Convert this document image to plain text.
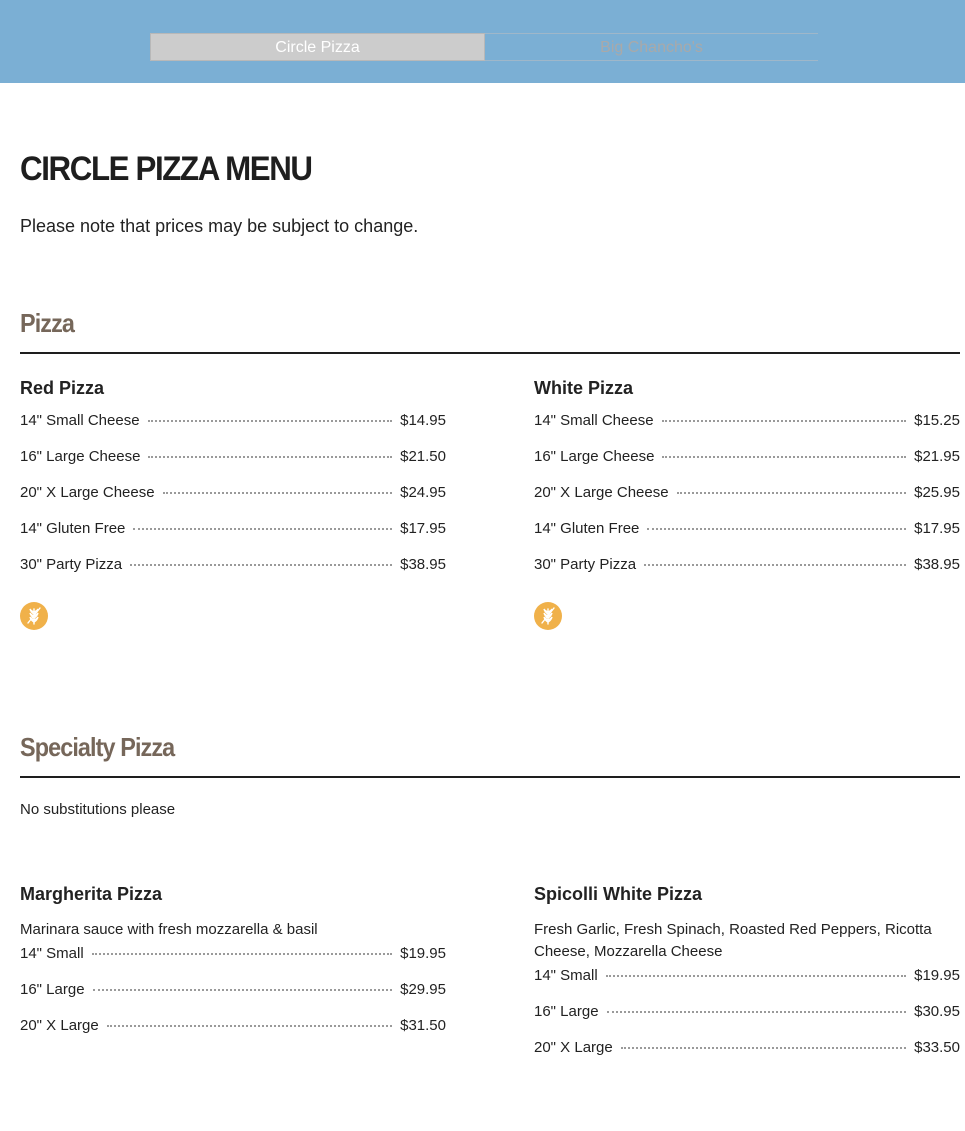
Circle Pizza	Big Chancho's
CIRCLE PIZZA MENU
Please note that prices may be subject to change.
Pizza
Red Pizza
14" Small Cheese	$14.95
16" Large Cheese	$21.50
20" X Large Cheese	$24.95
14" Gluten Free	$17.95
30" Party Pizza	$38.95
White Pizza
14" Small Cheese	$15.25
16" Large Cheese	$21.95
20" X Large Cheese	$25.95
14" Gluten Free	$17.95
30" Party Pizza	$38.95
Specialty Pizza
No substitutions please
Margherita Pizza

Marinara sauce with fresh mozzarella & basil

14" Small	$19.95
16" Large	$29.95
20" X Large	$31.50
Spicolli White Pizza

Fresh Garlic, Fresh Spinach, Roasted Red Peppers, Ricotta Cheese, Mozzarella Cheese

14" Small	$19.95
16" Large	$30.95
20" X Large	$33.50
